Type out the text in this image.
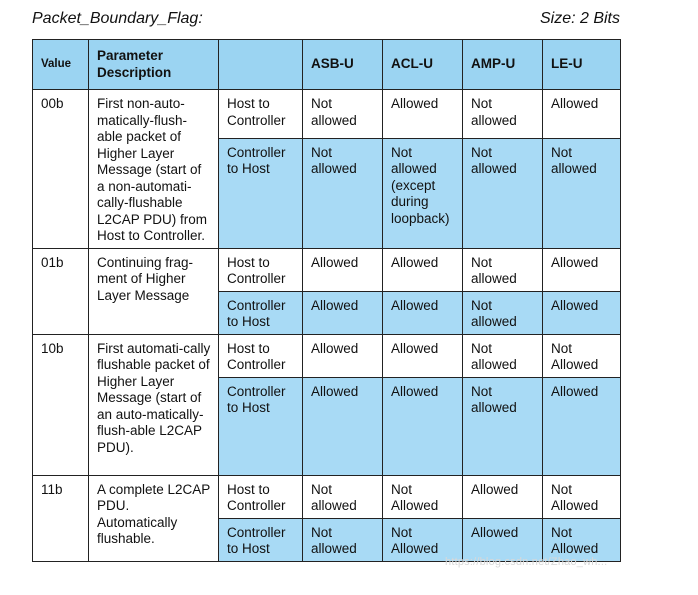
Packet_Boundary_Flag:	Size: 2 Bits
Value	Parameter Description		ASB-U	ACL-U	AMP-U	LE-U
00b	First non-auto-matically-flush-able packet of Higher Layer Message (start of a non-automati-cally-flushable L2CAP PDU) from Host to Controller.	Host to Controller	Not allowed	Allowed	Not allowed	Allowed
		Controller to Host	Not allowed	Not allowed (except during loopback)	Not allowed	Not allowed
01b	Continuing frag-ment of Higher Layer Message	Host to Controller	Allowed	Allowed	Not allowed	Allowed
		Controller to Host	Allowed	Allowed	Not allowed	Allowed
10b	First automati-cally flushable packet of Higher Layer Message (start of an auto-matically-flush-able L2CAP PDU).	Host to Controller	Allowed	Allowed	Not allowed	Not Allowed
		Controller to Host	Allowed	Allowed	Not allowed	Allowed
11b	A complete L2CAP PDU. Automatically flushable.	Host to Controller	Not allowed	Not Allowed	Allowed	Not Allowed
		Controller to Host	Not allowed	Not Allowed	Allowed	Not Allowed
https://blog.csdn.net/Zhao_wh...
